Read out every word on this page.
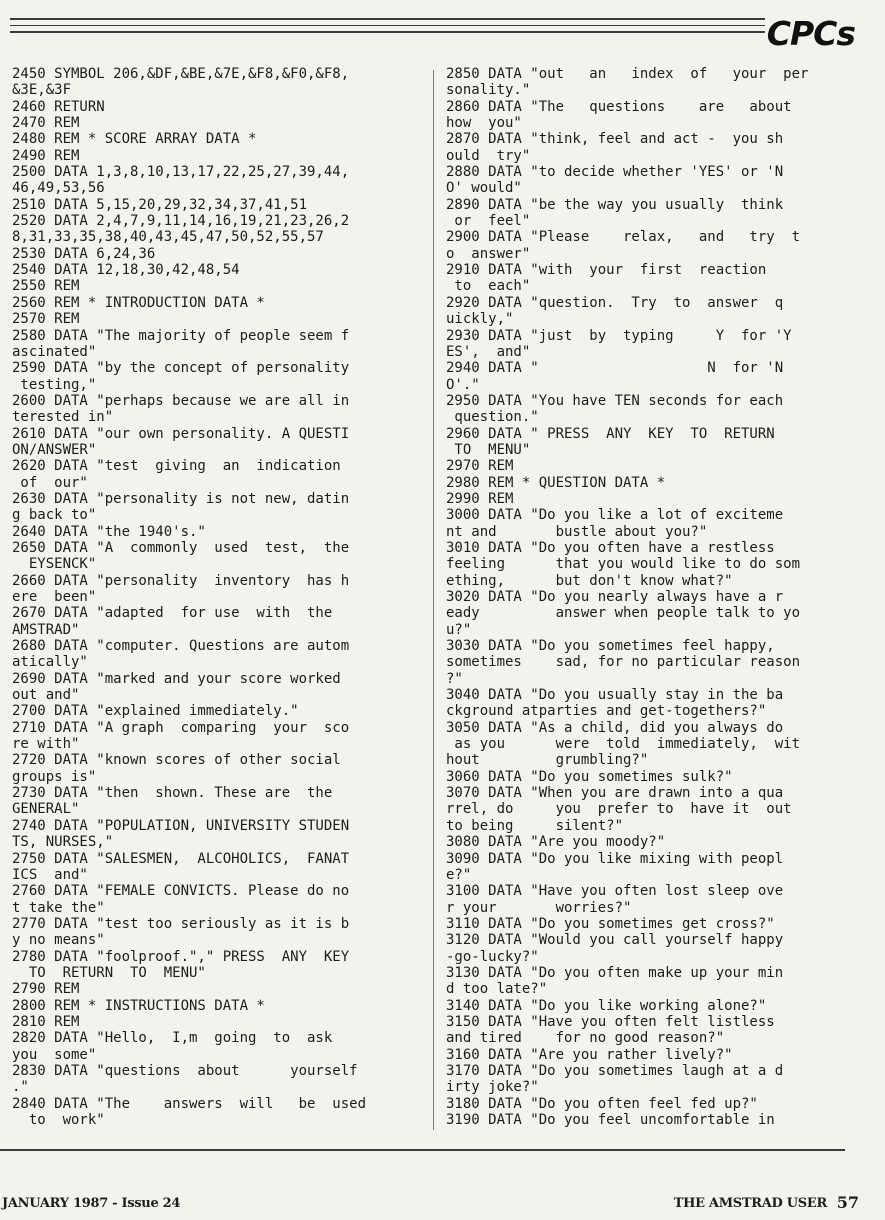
CPCs
2450 SYMBOL 206,&DF,&BE,&7E,&F8,&F0,&F8,
&3E,&3F
2460 RETURN
2470 REM
2480 REM * SCORE ARRAY DATA *
2490 REM
2500 DATA 1,3,8,10,13,17,22,25,27,39,44,
46,49,53,56
2510 DATA 5,15,20,29,32,34,37,41,51
2520 DATA 2,4,7,9,11,14,16,19,21,23,26,2
8,31,33,35,38,40,43,45,47,50,52,55,57
2530 DATA 6,24,36
2540 DATA 12,18,30,42,48,54
2550 REM
2560 REM * INTRODUCTION DATA *
2570 REM
2580 DATA "The majority of people seem f
ascinated"
2590 DATA "by the concept of personality
testing,"
2600 DATA "perhaps because we are all in
terested in"
2610 DATA "our own personality. A QUESTI
ON/ANSWER"
2620 DATA "test  giving  an  indication
of  our"
2630 DATA "personality is not new, datin
g back to"
2640 DATA "the 1940's."
2650 DATA "A  commonly  used  test,  the
EYSENCK"
2660 DATA "personality  inventory  has h
ere  been"
2670 DATA "adapted  for use  with  the
AMSTRAD"
2680 DATA "computer. Questions are autom
atically"
2690 DATA "marked and your score worked
out and"
2700 DATA "explained immediately."
2710 DATA "A graph  comparing  your  sco
re with"
2720 DATA "known scores of other social
groups is"
2730 DATA "then  shown. These are  the
GENERAL"
2740 DATA "POPULATION, UNIVERSITY STUDEN
TS, NURSES,"
2750 DATA "SALESMEN,  ALCOHOLICS,  FANAT
ICS  and"
2760 DATA "FEMALE CONVICTS. Please do no
t take the"
2770 DATA "test too seriously as it is b
y no means"
2780 DATA "foolproof."," PRESS  ANY  KEY
TO  RETURN  TO  MENU"
2790 REM
2800 REM * INSTRUCTIONS DATA *
2810 REM
2820 DATA "Hello,  I,m  going  to  ask
you  some"
2830 DATA "questions  about      yourself
."
2840 DATA "The    answers  will   be  used
to  work"
2850 DATA "out   an   index  of   your  per
sonality."
2860 DATA "The   questions    are   about
how  you"
2870 DATA "think, feel and act -  you sh
ould  try"
2880 DATA "to decide whether 'YES' or 'N
O' would"
2890 DATA "be the way you usually  think
or  feel"
2900 DATA "Please    relax,   and   try  t
o  answer"
2910 DATA "with  your  first  reaction
to  each"
2920 DATA "question.  Try  to  answer  q
uickly,"
2930 DATA "just  by  typing     Y  for 'Y
ES',  and"
2940 DATA "                    N  for 'N
O'."
2950 DATA "You have TEN seconds for each
question."
2960 DATA " PRESS  ANY  KEY  TO  RETURN
TO  MENU"
2970 REM
2980 REM * QUESTION DATA *
2990 REM
3000 DATA "Do you like a lot of exciteme
nt and       bustle about you?"
3010 DATA "Do you often have a restless
feeling      that you would like to do som
ething,      but don't know what?"
3020 DATA "Do you nearly always have a r
eady         answer when people talk to yo
u?"
3030 DATA "Do you sometimes feel happy,
sometimes    sad, for no particular reason
?"
3040 DATA "Do you usually stay in the ba
ckground atparties and get-togethers?"
3050 DATA "As a child, did you always do
as you      were  told  immediately,  wit
hout         grumbling?"
3060 DATA "Do you sometimes sulk?"
3070 DATA "When you are drawn into a qua
rrel, do     you  prefer to  have it  out
to being     silent?"
3080 DATA "Are you moody?"
3090 DATA "Do you like mixing with peopl
e?"
3100 DATA "Have you often lost sleep ove
r your       worries?"
3110 DATA "Do you sometimes get cross?"
3120 DATA "Would you call yourself happy
-go-lucky?"
3130 DATA "Do you often make up your min
d too late?"
3140 DATA "Do you like working alone?"
3150 DATA "Have you often felt listless
and tired    for no good reason?"
3160 DATA "Are you rather lively?"
3170 DATA "Do you sometimes laugh at a d
irty joke?"
3180 DATA "Do you often feel fed up?"
3190 DATA "Do you feel uncomfortable in
JANUARY 1987 - Issue 24	THE AMSTRAD USER 57
